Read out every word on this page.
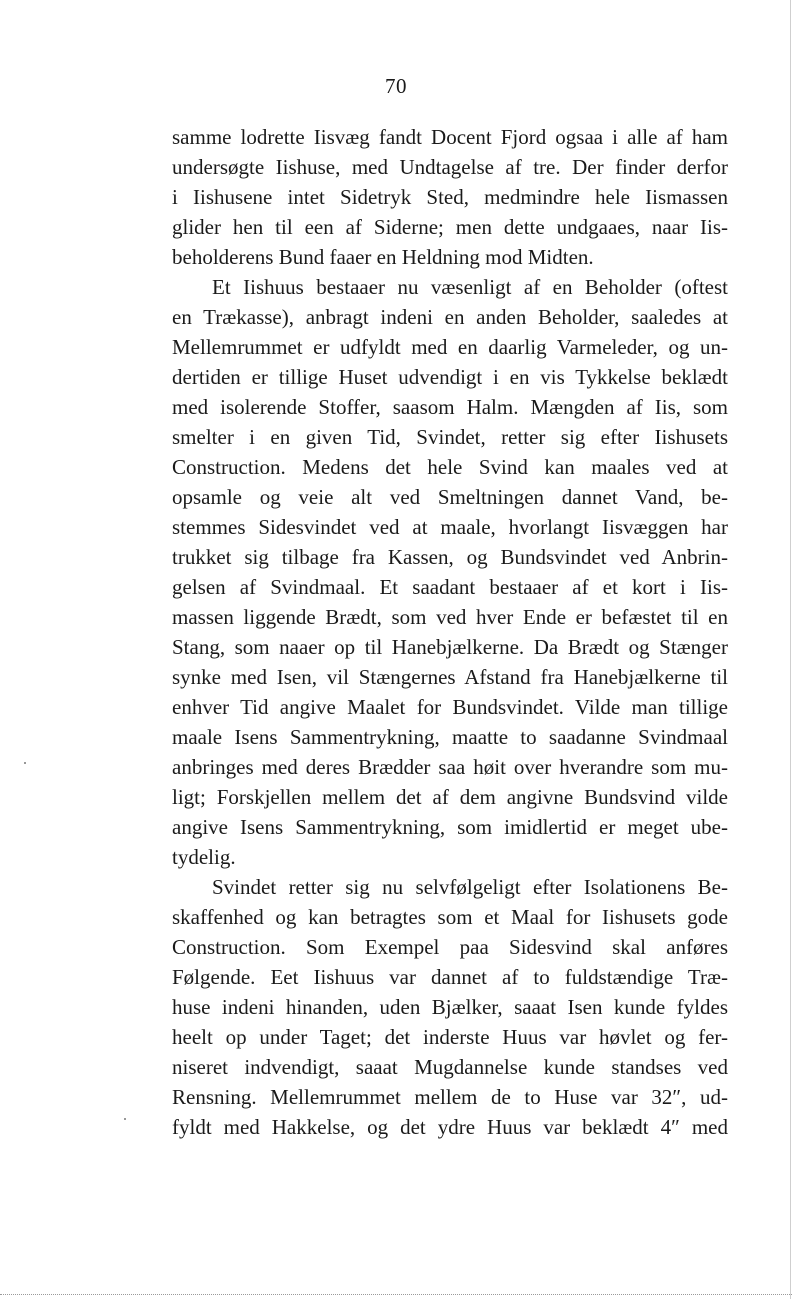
70
samme lodrette Iisvæg fandt Docent Fjord ogsaa i alle af ham
undersøgte Iishuse, med Undtagelse af tre. Der finder derfor
i Iishusene intet Sidetryk Sted, medmindre hele Iismassen
glider hen til een af Siderne; men dette undgaaes, naar Iis-
beholderens Bund faaer en Heldning mod Midten.
Et Iishuus bestaaer nu væsenligt af en Beholder (oftest
en Trækasse), anbragt indeni en anden Beholder, saaledes at
Mellemrummet er udfyldt med en daarlig Varmeleder, og un-
dertiden er tillige Huset udvendigt i en vis Tykkelse beklædt
med isolerende Stoffer, saasom Halm. Mængden af Iis, som
smelter i en given Tid, Svindet, retter sig efter Iishusets
Construction. Medens det hele Svind kan maales ved at
opsamle og veie alt ved Smeltningen dannet Vand, be-
stemmes Sidesvindet ved at maale, hvorlangt Iisvæggen har
trukket sig tilbage fra Kassen, og Bundsvindet ved Anbrin-
gelsen af Svindmaal. Et saadant bestaaer af et kort i Iis-
massen liggende Brædt, som ved hver Ende er befæstet til en
Stang, som naaer op til Hanebjælkerne. Da Brædt og Stænger
synke med Isen, vil Stængernes Afstand fra Hanebjælkerne til
enhver Tid angive Maalet for Bundsvindet. Vilde man tillige
maale Isens Sammentrykning, maatte to saadanne Svindmaal
anbringes med deres Brædder saa høit over hverandre som mu-
ligt; Forskjellen mellem det af dem angivne Bundsvind vilde
angive Isens Sammentrykning, som imidlertid er meget ube-
tydelig.
Svindet retter sig nu selvfølgeligt efter Isolationens Be-
skaffenhed og kan betragtes som et Maal for Iishusets gode
Construction. Som Exempel paa Sidesvind skal anføres
Følgende. Eet Iishuus var dannet af to fuldstændige Træ-
huse indeni hinanden, uden Bjælker, saaat Isen kunde fyldes
heelt op under Taget; det inderste Huus var høvlet og fer-
niseret indvendigt, saaat Mugdannelse kunde standses ved
Rensning. Mellemrummet mellem de to Huse var 32″, ud-
fyldt med Hakkelse, og det ydre Huus var beklædt 4″ med
